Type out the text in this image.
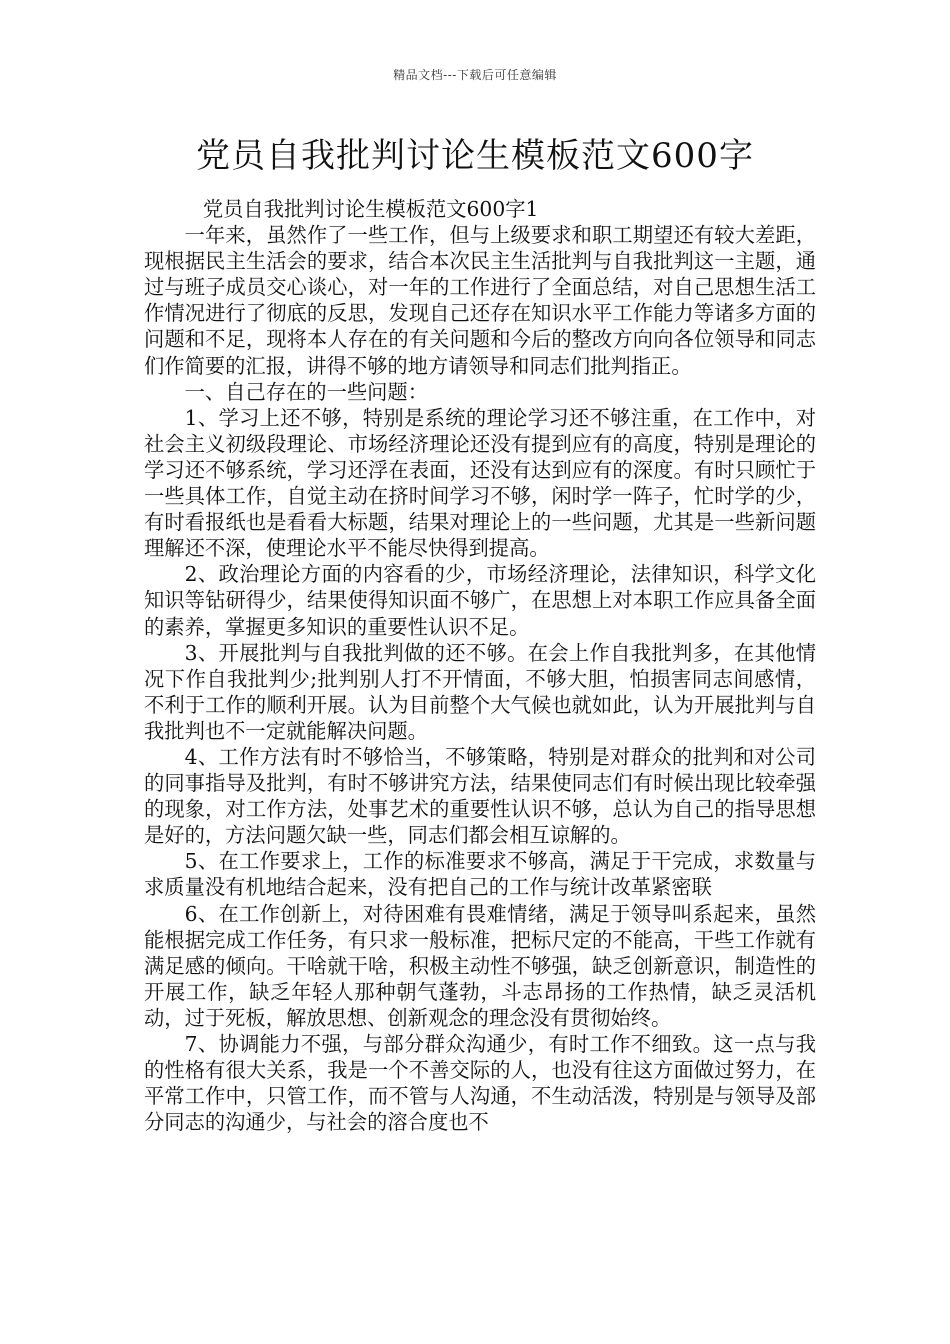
精品文档---下载后可任意编辑
党员自我批判讨论生模板范文600字

党员自我批判讨论生模板范文600字1

一年来，虽然作了一些工作，但与上级要求和职工期望还有较大差距，现根据民主生活会的要求，结合本次民主生活批判与自我批判这一主题，通过与班子成员交心谈心，对一年的工作进行了全面总结，对自己思想生活工作情况进行了彻底的反思，发现自己还存在知识水平工作能力等诸多方面的问题和不足，现将本人存在的有关问题和今后的整改方向向各位领导和同志们作简要的汇报，讲得不够的地方请领导和同志们批判指正。

一、自己存在的一些问题：

1、学习上还不够，特别是系统的理论学习还不够注重，在工作中，对社会主义初级段理论、市场经济理论还没有提到应有的高度，特别是理论的学习还不够系统，学习还浮在表面，还没有达到应有的深度。有时只顾忙于一些具体工作，自觉主动在挤时间学习不够，闲时学一阵子，忙时学的少，有时看报纸也是看看大标题，结果对理论上的一些问题，尤其是一些新问题理解还不深，使理论水平不能尽快得到提高。

2、政治理论方面的内容看的少，市场经济理论，法律知识，科学文化知识等钻研得少，结果使得知识面不够广，在思想上对本职工作应具备全面的素养，掌握更多知识的重要性认识不足。

3、开展批判与自我批判做的还不够。在会上作自我批判多，在其他情况下作自我批判少;批判别人打不开情面，不够大胆，怕损害同志间感情，不利于工作的顺利开展。认为目前整个大气候也就如此，认为开展批判与自我批判也不一定就能解决问题。

4、工作方法有时不够恰当，不够策略，特别是对群众的批判和对公司的同事指导及批判，有时不够讲究方法，结果使同志们有时候出现比较牵强的现象，对工作方法，处事艺术的重要性认识不够，总认为自己的指导思想是好的，方法问题欠缺一些，同志们都会相互谅解的。

5、在工作要求上，工作的标准要求不够高，满足于干完成，求数量与求质量没有机地结合起来，没有把自己的工作与统计改革紧密联

6、在工作创新上，对待困难有畏难情绪，满足于领导叫系起来，虽然能根据完成工作任务，有只求一般标准，把标尺定的不能高，干些工作就有满足感的倾向。干啥就干啥，积极主动性不够强，缺乏创新意识，制造性的开展工作，缺乏年轻人那种朝气蓬勃，斗志昂扬的工作热情，缺乏灵活机动，过于死板，解放思想、创新观念的理念没有贯彻始终。

7、协调能力不强，与部分群众沟通少，有时工作不细致。这一点与我的性格有很大关系，我是一个不善交际的人，也没有往这方面做过努力，在平常工作中，只管工作，而不管与人沟通，不生动活泼，特别是与领导及部分同志的沟通少，与社会的溶合度也不
